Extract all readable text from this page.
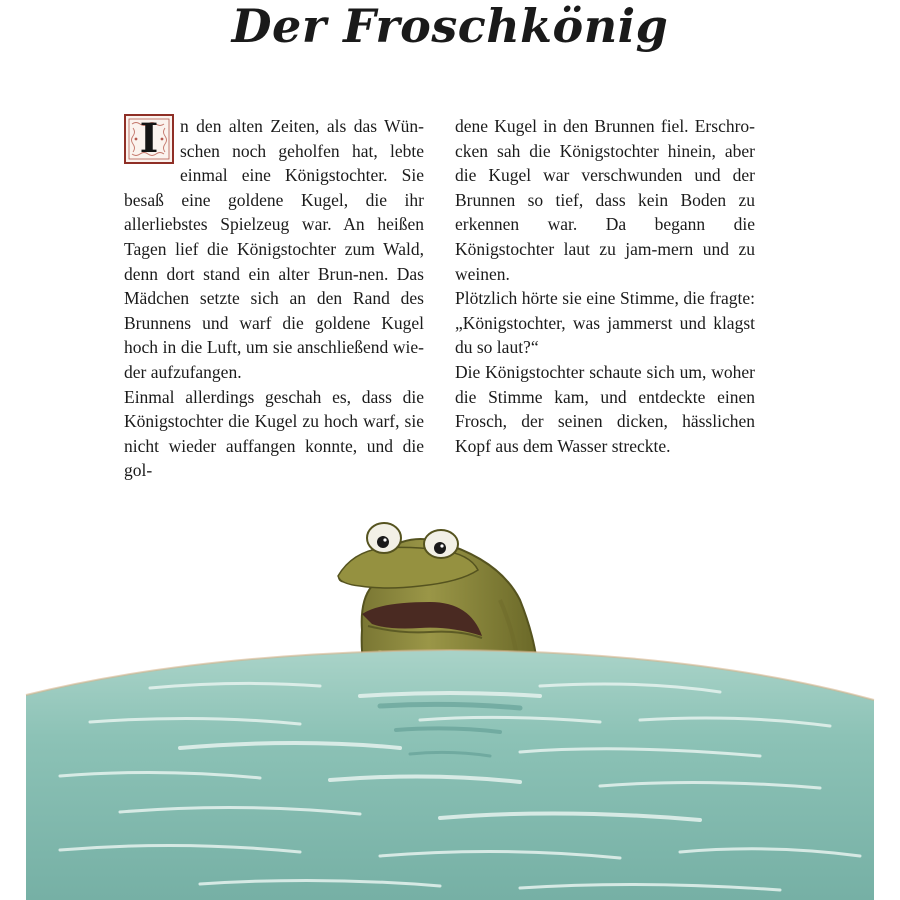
Der Froschkönig

I	n den alten Zeiten, als das Wün-schen noch geholfen hat, lebte einmal eine Königstochter. Sie besaß eine goldene Kugel, die ihr allerliebstes Spielzeug war. An heißen Tagen lief die Königstochter zum Wald, denn dort stand ein alter Brun-nen. Das Mädchen setzte sich an den Rand des Brunnens und warf die goldene Kugel hoch in die Luft, um sie anschließend wie-der aufzufangen.

Einmal allerdings geschah es, dass die Königstochter die Kugel zu hoch warf, sie nicht wieder auffangen konnte, und die gol-

dene Kugel in den Brunnen fiel. Erschro-cken sah die Königstochter hinein, aber die Kugel war verschwunden und der Brunnen so tief, dass kein Boden zu erkennen war. Da begann die Königstochter laut zu jam-mern und zu weinen.

Plötzlich hörte sie eine Stimme, die fragte: „Königstochter, was jammerst und klagst du so laut?“

Die Königstochter schaute sich um, woher die Stimme kam, und entdeckte einen Frosch, der seinen dicken, hässlichen Kopf aus dem Wasser streckte.
